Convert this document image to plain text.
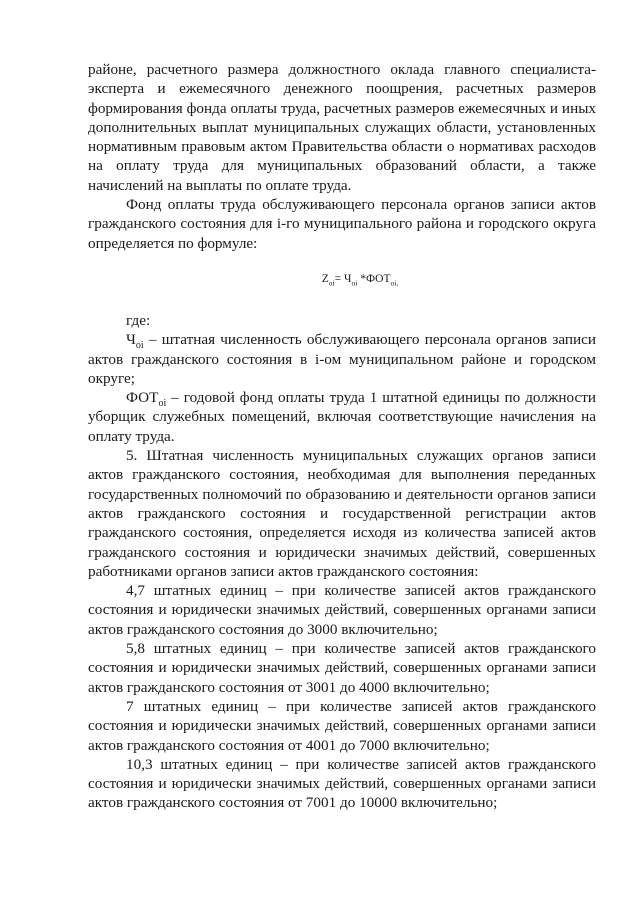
районе, расчетного размера должностного оклада главного специалиста-эксперта и ежемесячного денежного поощрения, расчетных размеров формирования фонда оплаты труда, расчетных размеров ежемесячных и иных дополнительных выплат муниципальных служащих области, установленных нормативным правовым актом Правительства области о нормативах расходов на оплату труда для муниципальных образований области, а также начислений на выплаты по оплате труда.

Фонд оплаты труда обслуживающего персонала органов записи актов гражданского состояния для i-го муниципального района и городского округа определяется по формуле:

$Z_{oi}= Ч_{oi}$ $*ФОТ_{oi,}$

где:

$Ч_{oi}$ – штатная численность обслуживающего персонала органов записи актов гражданского состояния в i-ом муниципальном районе и городском округе;

$ФОТ_{oi}$ – годовой фонд оплаты труда 1 штатной единицы по должности уборщик служебных помещений, включая соответствующие начисления на оплату труда.

5. Штатная численность муниципальных служащих органов записи актов гражданского состояния, необходимая для выполнения переданных государственных полномочий по образованию и деятельности органов записи актов гражданского состояния и государственной регистрации актов гражданского состояния, определяется исходя из количества записей актов гражданского состояния и юридически значимых действий, совершенных работниками органов записи актов гражданского состояния:

4,7 штатных единиц – при количестве записей актов гражданского состояния и юридически значимых действий, совершенных органами записи актов гражданского состояния до 3000 включительно;

5,8 штатных единиц – при количестве записей актов гражданского состояния и юридически значимых действий, совершенных органами записи актов гражданского состояния от 3001 до 4000 включительно;

7 штатных единиц – при количестве записей актов гражданского состояния и юридически значимых действий, совершенных органами записи актов гражданского состояния от 4001 до 7000 включительно;

10,3 штатных единиц – при количестве записей актов гражданского состояния и юридически значимых действий, совершенных органами записи актов гражданского состояния от 7001 до 10000 включительно;
